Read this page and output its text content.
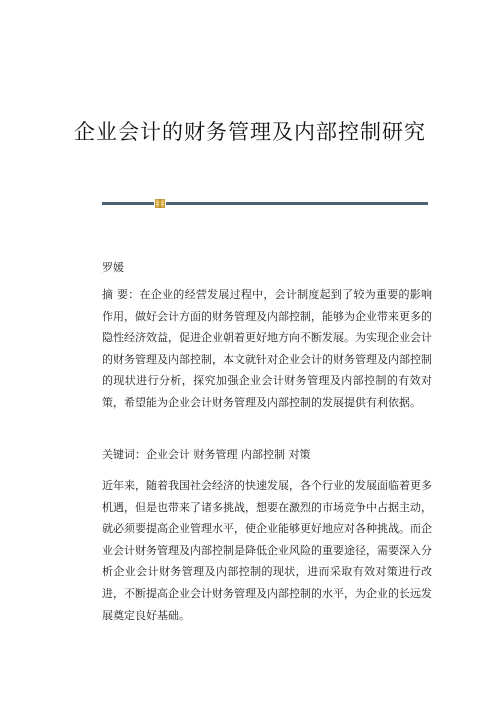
企业会计的财务管理及内部控制研究

罗媛

摘 要：在企业的经营发展过程中，会计制度起到了较为重要的影响作用，做好会计方面的财务管理及内部控制，能够为企业带来更多的隐性经济效益，促进企业朝着更好地方向不断发展。为实现企业会计的财务管理及内部控制，本文就针对企业会计的财务管理及内部控制的现状进行分析，探究加强企业会计财务管理及内部控制的有效对策，希望能为企业会计财务管理及内部控制的发展提供有利依据。

关键词：企业会计 财务管理 内部控制 对策

近年来，随着我国社会经济的快速发展，各个行业的发展面临着更多机遇，但是也带来了诸多挑战，想要在激烈的市场竞争中占据主动，就必须要提高企业管理水平，使企业能够更好地应对各种挑战。而企业会计财务管理及内部控制是降低企业风险的重要途径，需要深入分析企业会计财务管理及内部控制的现状，进而采取有效对策进行改进，不断提高企业会计财务管理及内部控制的水平，为企业的长远发展奠定良好基础。
